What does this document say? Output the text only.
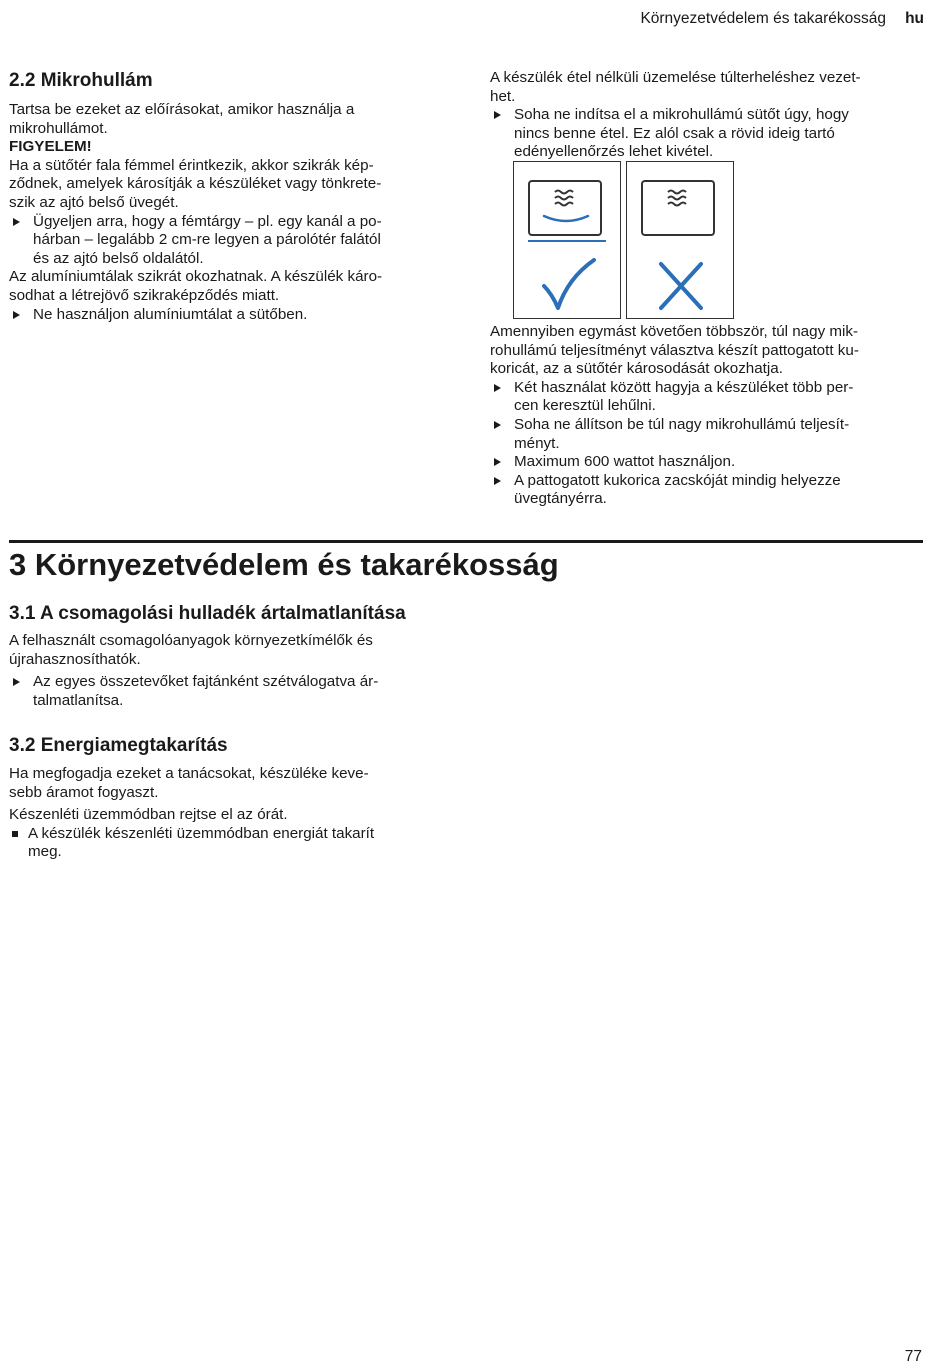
Környezetvédelem és takarékosság hu
2.2 Mikrohullám

Tartsa be ezeket az előírásokat, amikor használja a

mikrohullámot.

FIGYELEM!

Ha a sütőtér fala fémmel érintkezik, akkor szikrák kép-

ződnek, amelyek károsítják a készüléket vagy tönkrete-

szik az ajtó belső üvegét.

Ügyeljen arra, hogy a fémtárgy – pl. egy kanál a po-

hárban – legalább 2 cm-re legyen a párolótér falától

és az ajtó belső oldalától.

Az alumíniumtálak szikrát okozhatnak. A készülék káro-

sodhat a létrejövő szikraképződés miatt.

Ne használjon alumíniumtálat a sütőben.

A készülék étel nélküli üzemelése túlterheléshez vezet-

het.

Soha ne indítsa el a mikrohullámú sütőt úgy, hogy

nincs benne étel. Ez alól csak a rövid ideig tartó

edényellenőrzés lehet kivétel.

Amennyiben egymást követően többször, túl nagy mik-

rohullámú teljesítményt választva készít pattogatott ku-

koricát, az a sütőtér károsodását okozhatja.

Két használat között hagyja a készüléket több per-

cen keresztül lehűlni.

Soha ne állítson be túl nagy mikrohullámú teljesít-

ményt.

Maximum 600 wattot használjon.

A pattogatott kukorica zacskóját mindig helyezze

üvegtányérra.

3 Környezetvédelem és takarékosság
3.1 A csomagolási hulladék ártalmatlanítása

A felhasznált csomagolóanyagok környezetkímélők és

újrahasznosíthatók.

Az egyes összetevőket fajtánként szétválogatva ár-

talmatlanítsa.

3.2 Energiamegtakarítás

Ha megfogadja ezeket a tanácsokat, készüléke keve-

sebb áramot fogyaszt.

Készenléti üzemmódban rejtse el az órát.

A készülék készenléti üzemmódban energiát takarít

meg.

77
